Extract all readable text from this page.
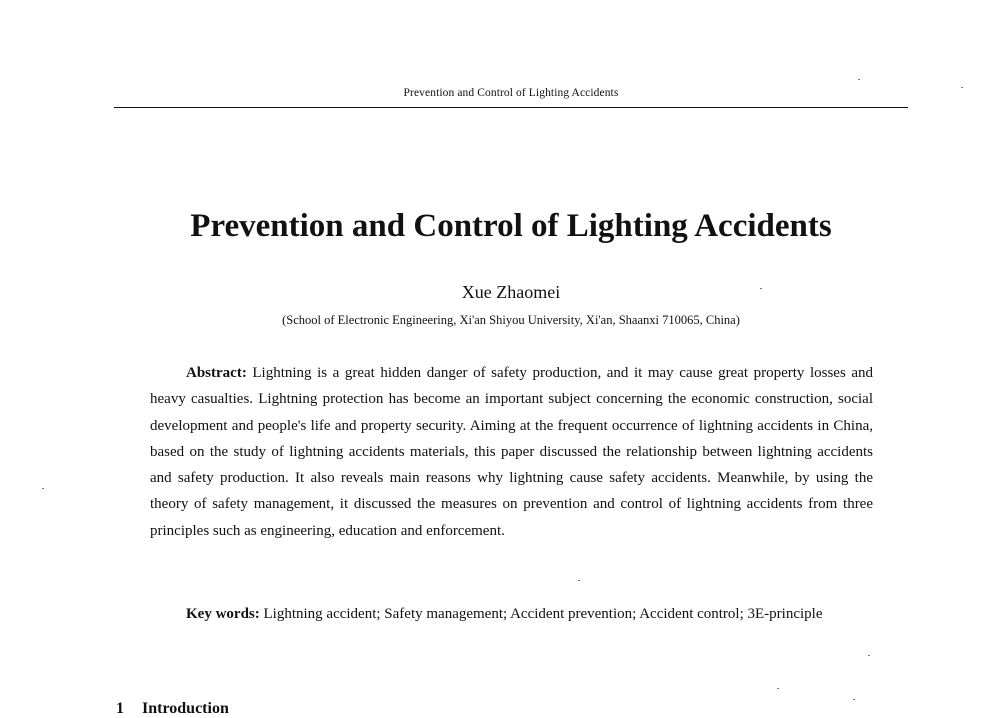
Prevention and Control of Lighting Accidents
Prevention and Control of Lighting Accidents
Xue Zhaomei
(School of Electronic Engineering, Xi'an Shiyou University, Xi'an, Shaanxi 710065, China)

Abstract: Lightning is a great hidden danger of safety production, and it may cause great property losses and heavy casualties. Lightning protection has become an important subject concerning the economic construction, social development and people's life and property security. Aiming at the frequent occurrence of lightning accidents in China, based on the study of lightning accidents materials, this paper discussed the relationship between lightning accidents and safety production. It also reveals main reasons why lightning cause safety accidents. Meanwhile, by using the theory of safety management, it discussed the measures on prevention and control of lightning accidents from three principles such as engineering, education and enforcement.

Key words: Lightning accident; Safety management; Accident prevention; Accident control; 3E-principle

1 Introduction
